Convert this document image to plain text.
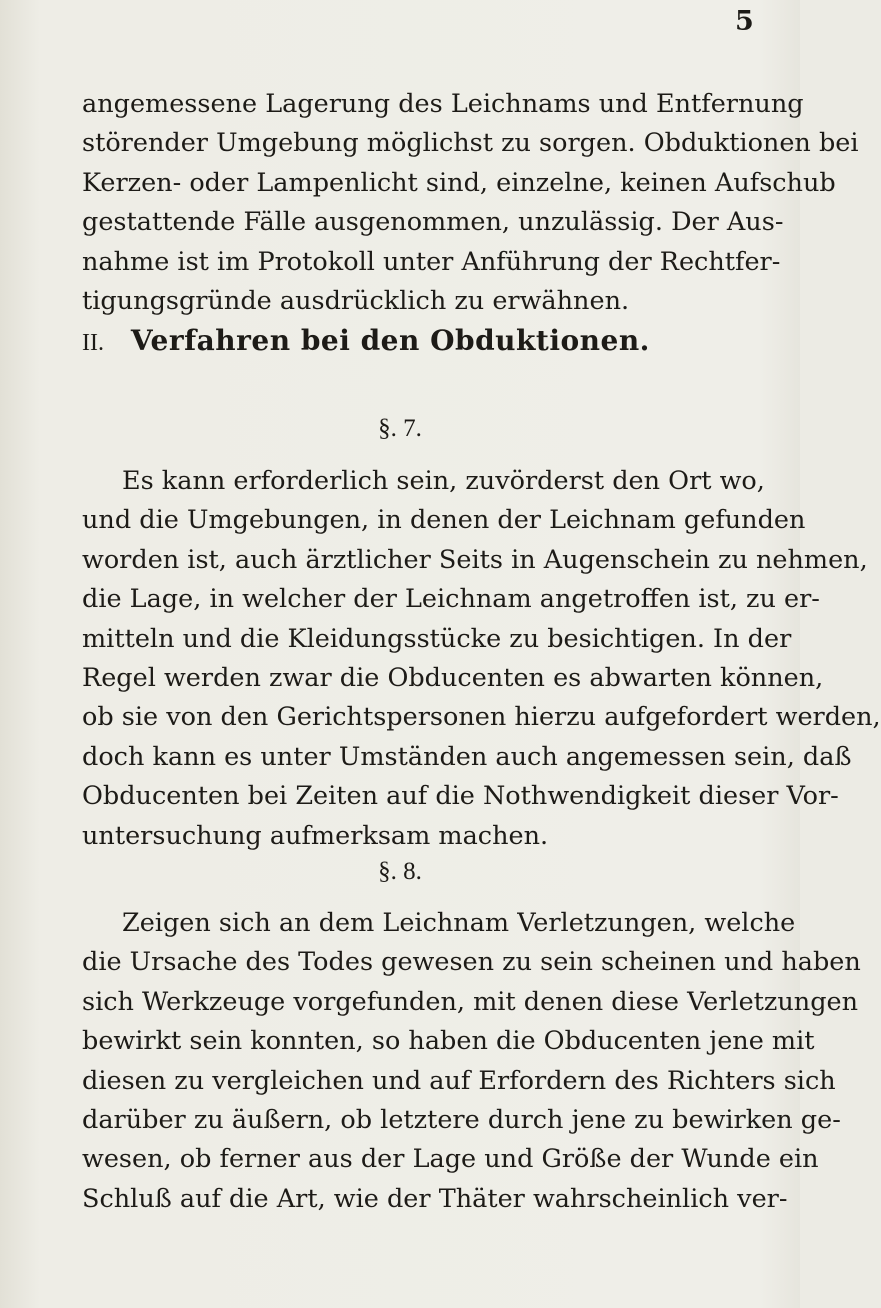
5
angemessene Lagerung des Leichnams und Entfernung
störender Umgebung möglichst zu sorgen. Obduktionen bei
Kerzen- oder Lampenlicht sind, einzelne, keinen Aufschub
gestattende Fälle ausgenommen, unzulässig. Der Aus-
nahme ist im Protokoll unter Anführung der Rechtfer-
tigungsgründe ausdrücklich zu erwähnen.
II. Verfahren bei den Obduktionen.
§. 7.
Es kann erforderlich sein, zuvörderst den Ort wo,
und die Umgebungen, in denen der Leichnam gefunden
worden ist, auch ärztlicher Seits in Augenschein zu nehmen,
die Lage, in welcher der Leichnam angetroffen ist, zu er-
mitteln und die Kleidungsstücke zu besichtigen. In der
Regel werden zwar die Obducenten es abwarten können,
ob sie von den Gerichtspersonen hierzu aufgefordert werden,
doch kann es unter Umständen auch angemessen sein, daß
Obducenten bei Zeiten auf die Nothwendigkeit dieser Vor-
untersuchung aufmerksam machen.
§. 8.
Zeigen sich an dem Leichnam Verletzungen, welche
die Ursache des Todes gewesen zu sein scheinen und haben
sich Werkzeuge vorgefunden, mit denen diese Verletzungen
bewirkt sein konnten, so haben die Obducenten jene mit
diesen zu vergleichen und auf Erfordern des Richters sich
darüber zu äußern, ob letztere durch jene zu bewirken ge-
wesen, ob ferner aus der Lage und Größe der Wunde ein
Schluß auf die Art, wie der Thäter wahrscheinlich ver-
